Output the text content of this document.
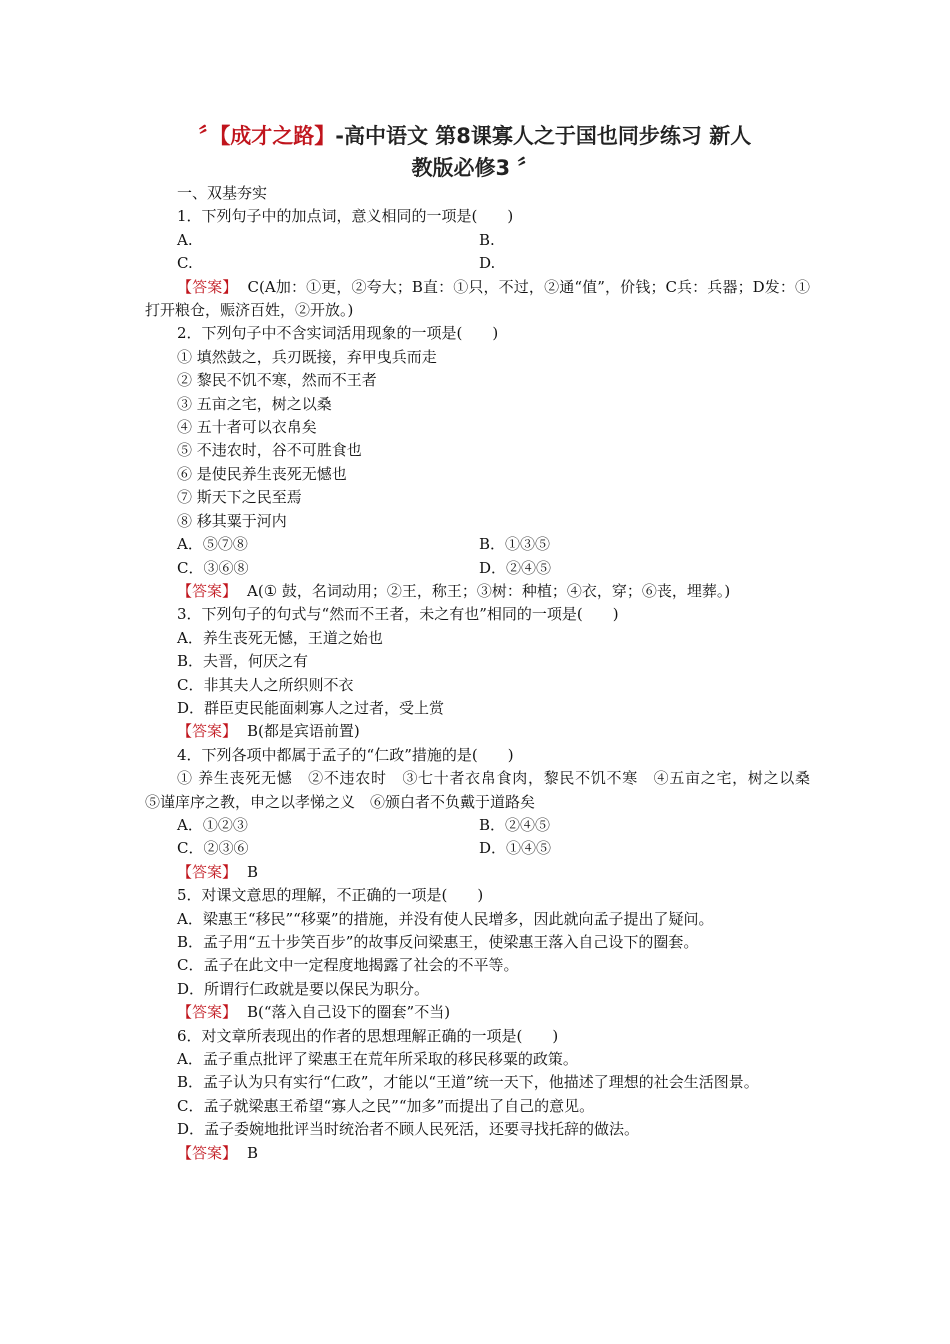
〞【成才之路】-高中语文 第8课寡人之于国也同步练习 新人
教版必修3 〞

一、双基夯实

1．下列句子中的加点词，意义相同的一项是(　　)

A.	B.
C.	D.

【答案】 C(A加：①更，②夸大；B直：①只，不过，②通“值”，价钱；C兵：兵器；D发：①打开粮仓，赈济百姓，②开放。)

2．下列句子中不含实词活用现象的一项是(　　)

① 填然鼓之，兵刃既接，弃甲曳兵而走

② 黎民不饥不寒，然而不王者

③ 五亩之宅，树之以桑

④ 五十者可以衣帛矣

⑤ 不违农时，谷不可胜食也

⑥ 是使民养生丧死无憾也

⑦ 斯天下之民至焉

⑧ 移其粟于河内

A．⑤⑦⑧	B．①③⑤
C．③⑥⑧	D．②④⑤

【答案】 A(① 鼓，名词动用；②王，称王；③树：种植；④衣，穿；⑥丧，埋葬。)

3．下列句子的句式与“然而不王者，未之有也”相同的一项是(　　)

A．养生丧死无憾，王道之始也

B．夫晋，何厌之有

C．非其夫人之所织则不衣

D．群臣吏民能面刺寡人之过者，受上赏

【答案】 B(都是宾语前置)

4．下列各项中都属于孟子的“仁政”措施的是(　　)

① 养生丧死无憾　②不违农时　③七十者衣帛食肉，黎民不饥不寒　④五亩之宅，树之以桑　⑤谨庠序之教，申之以孝悌之义　⑥颁白者不负戴于道路矣

A．①②③	B．②④⑤
C．②③⑥	D．①④⑤

【答案】 B

5．对课文意思的理解，不正确的一项是(　　)

A．梁惠王“移民”“移粟”的措施，并没有使人民增多，因此就向孟子提出了疑问。

B．孟子用“五十步笑百步”的故事反问梁惠王，使梁惠王落入自己设下的圈套。

C．孟子在此文中一定程度地揭露了社会的不平等。

D．所谓行仁政就是要以保民为职分。

【答案】 B(“落入自己设下的圈套”不当)

6．对文章所表现出的作者的思想理解正确的一项是(　　)

A．孟子重点批评了梁惠王在荒年所采取的移民移粟的政策。

B．孟子认为只有实行“仁政”，才能以“王道”统一天下，他描述了理想的社会生活图景。

C．孟子就梁惠王希望“寡人之民”“加多”而提出了自己的意见。

D．孟子委婉地批评当时统治者不顾人民死活，还要寻找托辞的做法。

【答案】 B
